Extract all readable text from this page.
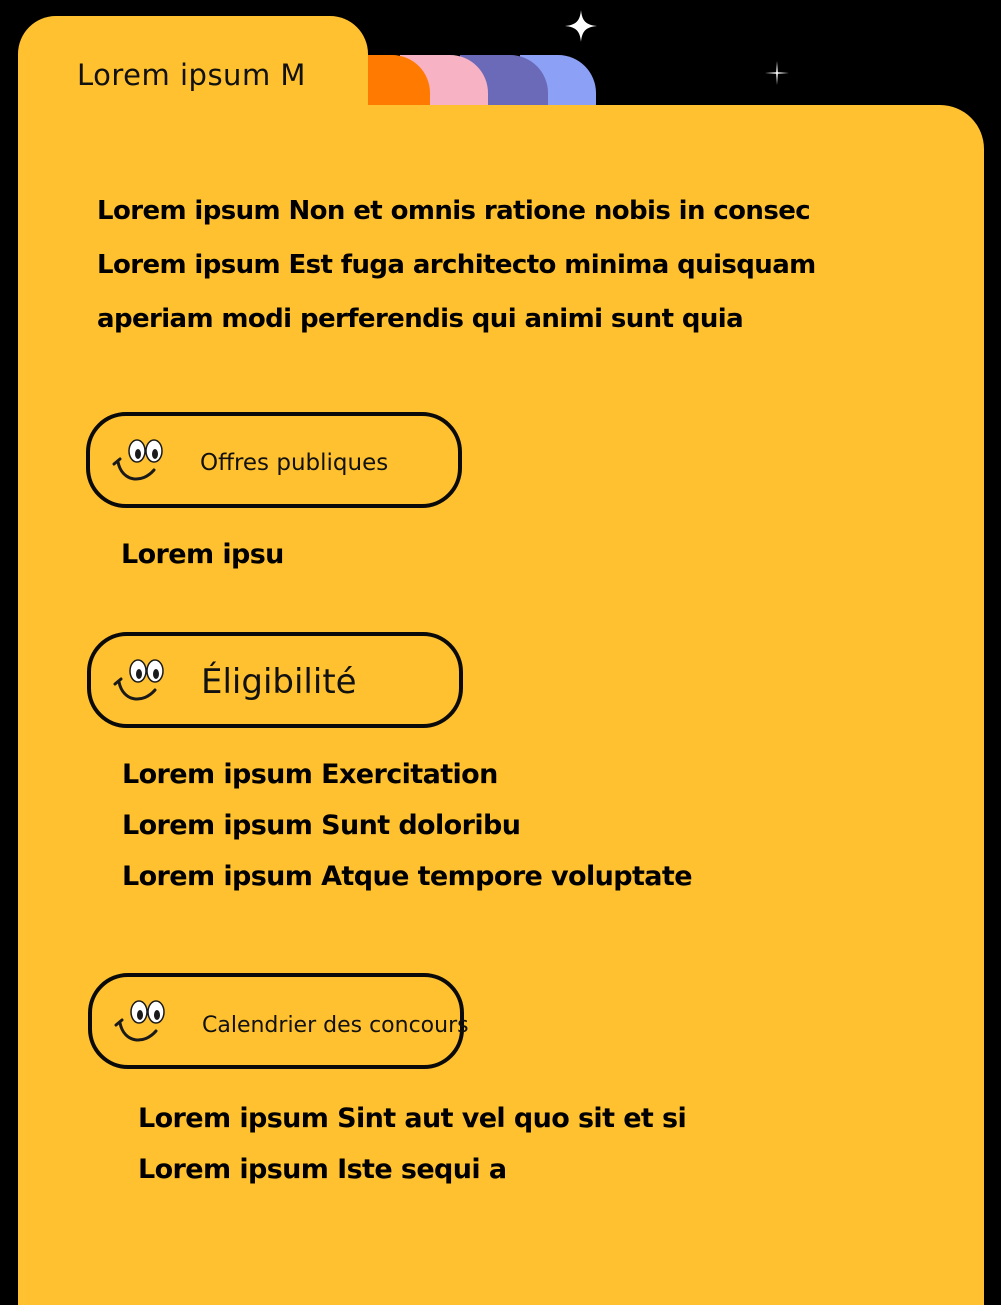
Lorem ipsum M

Lorem ipsum Non et omnis ratione nobis in consec
Lorem ipsum Est fuga architecto minima quisquam
aperiam modi perferendis qui animi sunt quia

Offres publiques

Lorem ipsu

Éligibilité

Lorem ipsum Exercitation
Lorem ipsum Sunt doloribu
Lorem ipsum Atque tempore voluptate

Calendrier des concours

Lorem ipsum Sint aut vel quo sit et si
Lorem ipsum Iste sequi a
